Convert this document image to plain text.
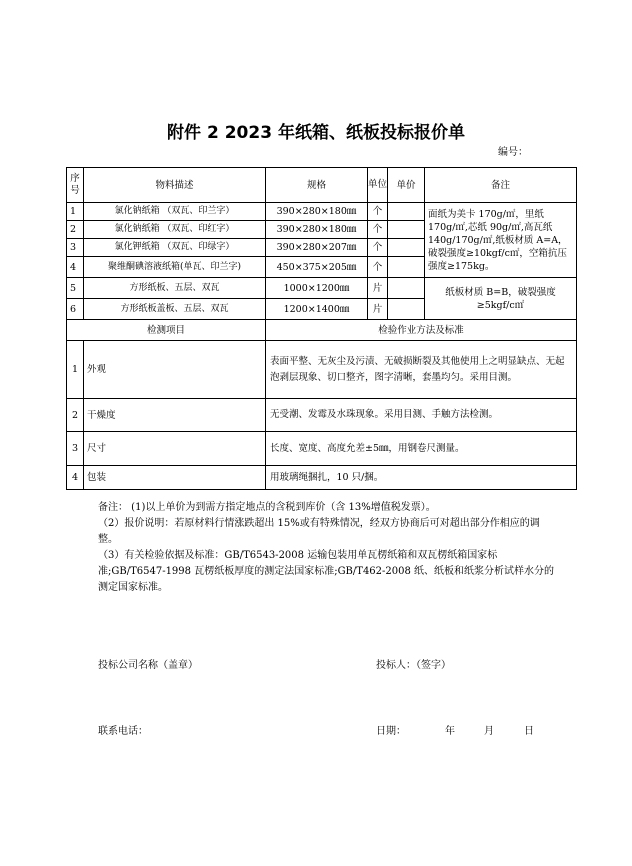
附件 2 2023 年纸箱、纸板投标报价单
编号：
序号	物料描述	规格	单位	单价	备注
1	氯化钠纸箱 （双瓦、印兰字）	390×280×180㎜	个		面纸为美卡 170g/㎡，里纸 170g/㎡,芯纸 90g/㎡,高瓦纸 140g/170g/㎡,纸板材质 A=A，破裂强度≥10kgf/c㎡，空箱抗压强度≥175kg。
2	氯化钠纸箱 （双瓦、印红字）	390×280×180㎜	个		
3	氯化钾纸箱 （双瓦、印绿字）	390×280×207㎜	个		
4	聚维酮碘溶液纸箱(单瓦、印兰字)	450×375×205㎜	个		
5	方形纸板、五层、双瓦	1000×1200㎜	片		纸板材质 B=B，破裂强度≥5kgf/c㎡
6	方形纸板盖板、五层、双瓦	1200×1400㎜	片		
检测项目		检验作业方法及标准			
1	外观	表面平整、无灰尘及污渍、无破损断裂及其他使用上之明显缺点、无起泡剥层现象、切口整齐，图字清晰，套墨均匀。采用目测。			
2	干燥度	无受潮、发霉及水珠现象。采用目测、手触方法检测。			
3	尺寸	长度、宽度、高度允差±5㎜，用钢卷尺测量。			
4	包装	用玻璃绳捆扎，10 只/捆。			

备注： (1)以上单价为到需方指定地点的含税到库价（含 13%增值税发票）。

（2）报价说明：若原材料行情涨跌超出 15%或有特殊情况，经双方协商后可对超出部分作相应的调整。

（3）有关检验依据及标准：GB/T6543-2008 运输包装用单瓦楞纸箱和双瓦楞纸箱国家标准;GB/T6547-1998 瓦楞纸板厚度的测定法国家标准;GB/T462-2008 纸、纸板和纸浆分析试样水分的测定国家标准。

投标公司名称（盖章）	投标人：（签字）
联系电话：	日期：	年	月	日
